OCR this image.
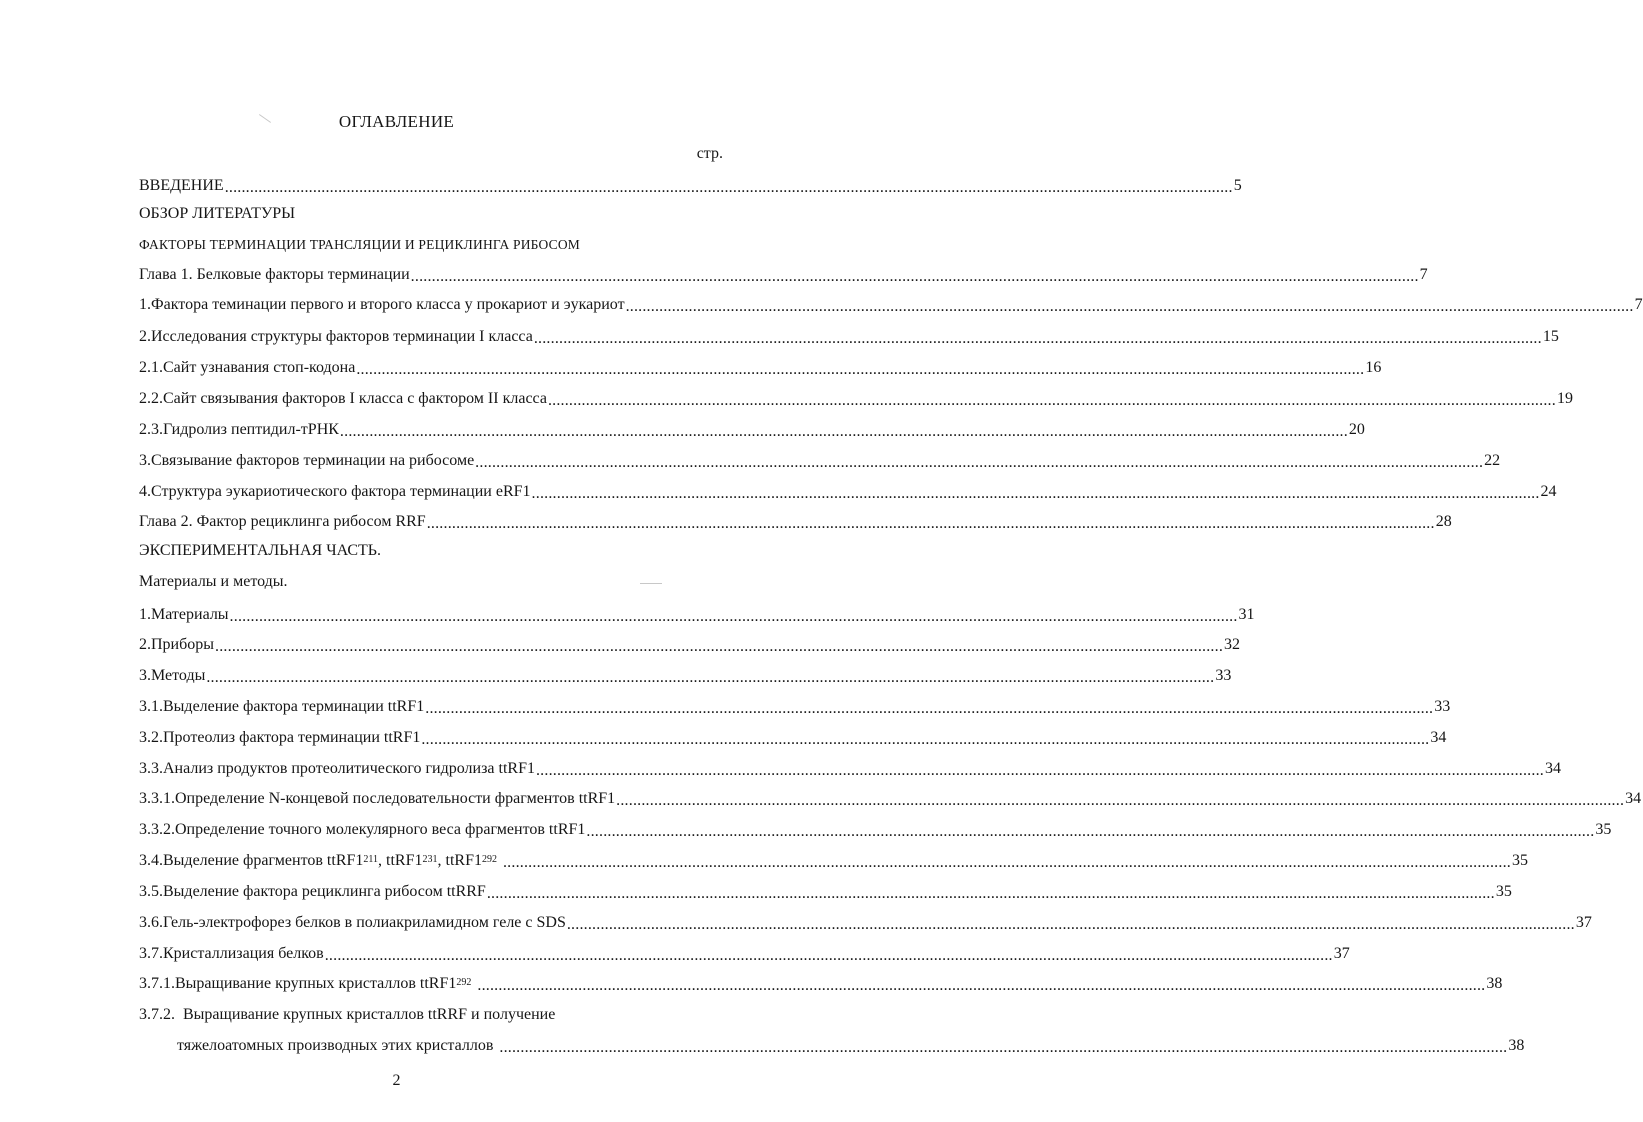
ОГЛАВЛЕНИЕ
стр.
ВВЕДЕНИЕ .....	5
ОБЗОР ЛИТЕРАТУРЫ
ФАКТОРЫ ТЕРМИНАЦИИ ТРАНСЛЯЦИИ И РЕЦИКЛИНГА РИБОСОМ
Глава 1. Белковые факторы терминации .....	7
1. Фактора теминации первого и второго класса у прокариот и эукариот .....	7
2. Исследования структуры факторов терминации I класса .....	15
2.1. Сайт узнавания стоп-кодона .....	16
2.2. Сайт связывания факторов I класса с фактором II класса .....	19
2.3. Гидролиз пептидил-тРНК .....	20
3. Связывание факторов терминации на рибосоме .....	22
4. Структура эукариотического фактора терминации eRF1 .....	24
Глава 2. Фактор рециклинга рибосом RRF .....	28
ЭКСПЕРИМЕНТАЛЬНАЯ ЧАСТЬ.
Материалы и методы.
1. Материалы .....	31
2. Приборы .....	32
3. Методы .....	33
3.1. Выделение фактора терминации ttRF1 .....	33
3.2. Протеолиз фактора терминации ttRF1 .....	34
3.3. Анализ продуктов протеолитического гидролиза ttRF1 .....	34
3.3.1. Определение N-концевой последовательности фрагментов ttRF1 .....	34
3.3.2. Определение точного молекулярного веса фрагментов ttRF1 .....	35
3.4. Выделение фрагментов $ttRF1^{211}$, $ttRF1^{231}$, $ttRF1^{292}$ .....	35
3.5. Выделение фактора рециклинга рибосом ttRRF .....	35
3.6. Гель-электрофорез белков в полиакриламидном геле с SDS .....	37
3.7. Кристаллизация белков .....	37
3.7.1. Выращивание крупных кристаллов $ttRF1^{292}$ .....	38
3.7.2. Выращивание крупных кристаллов ttRRF и получение
тяжелоатомных производных этих кристаллов .....	38
2
